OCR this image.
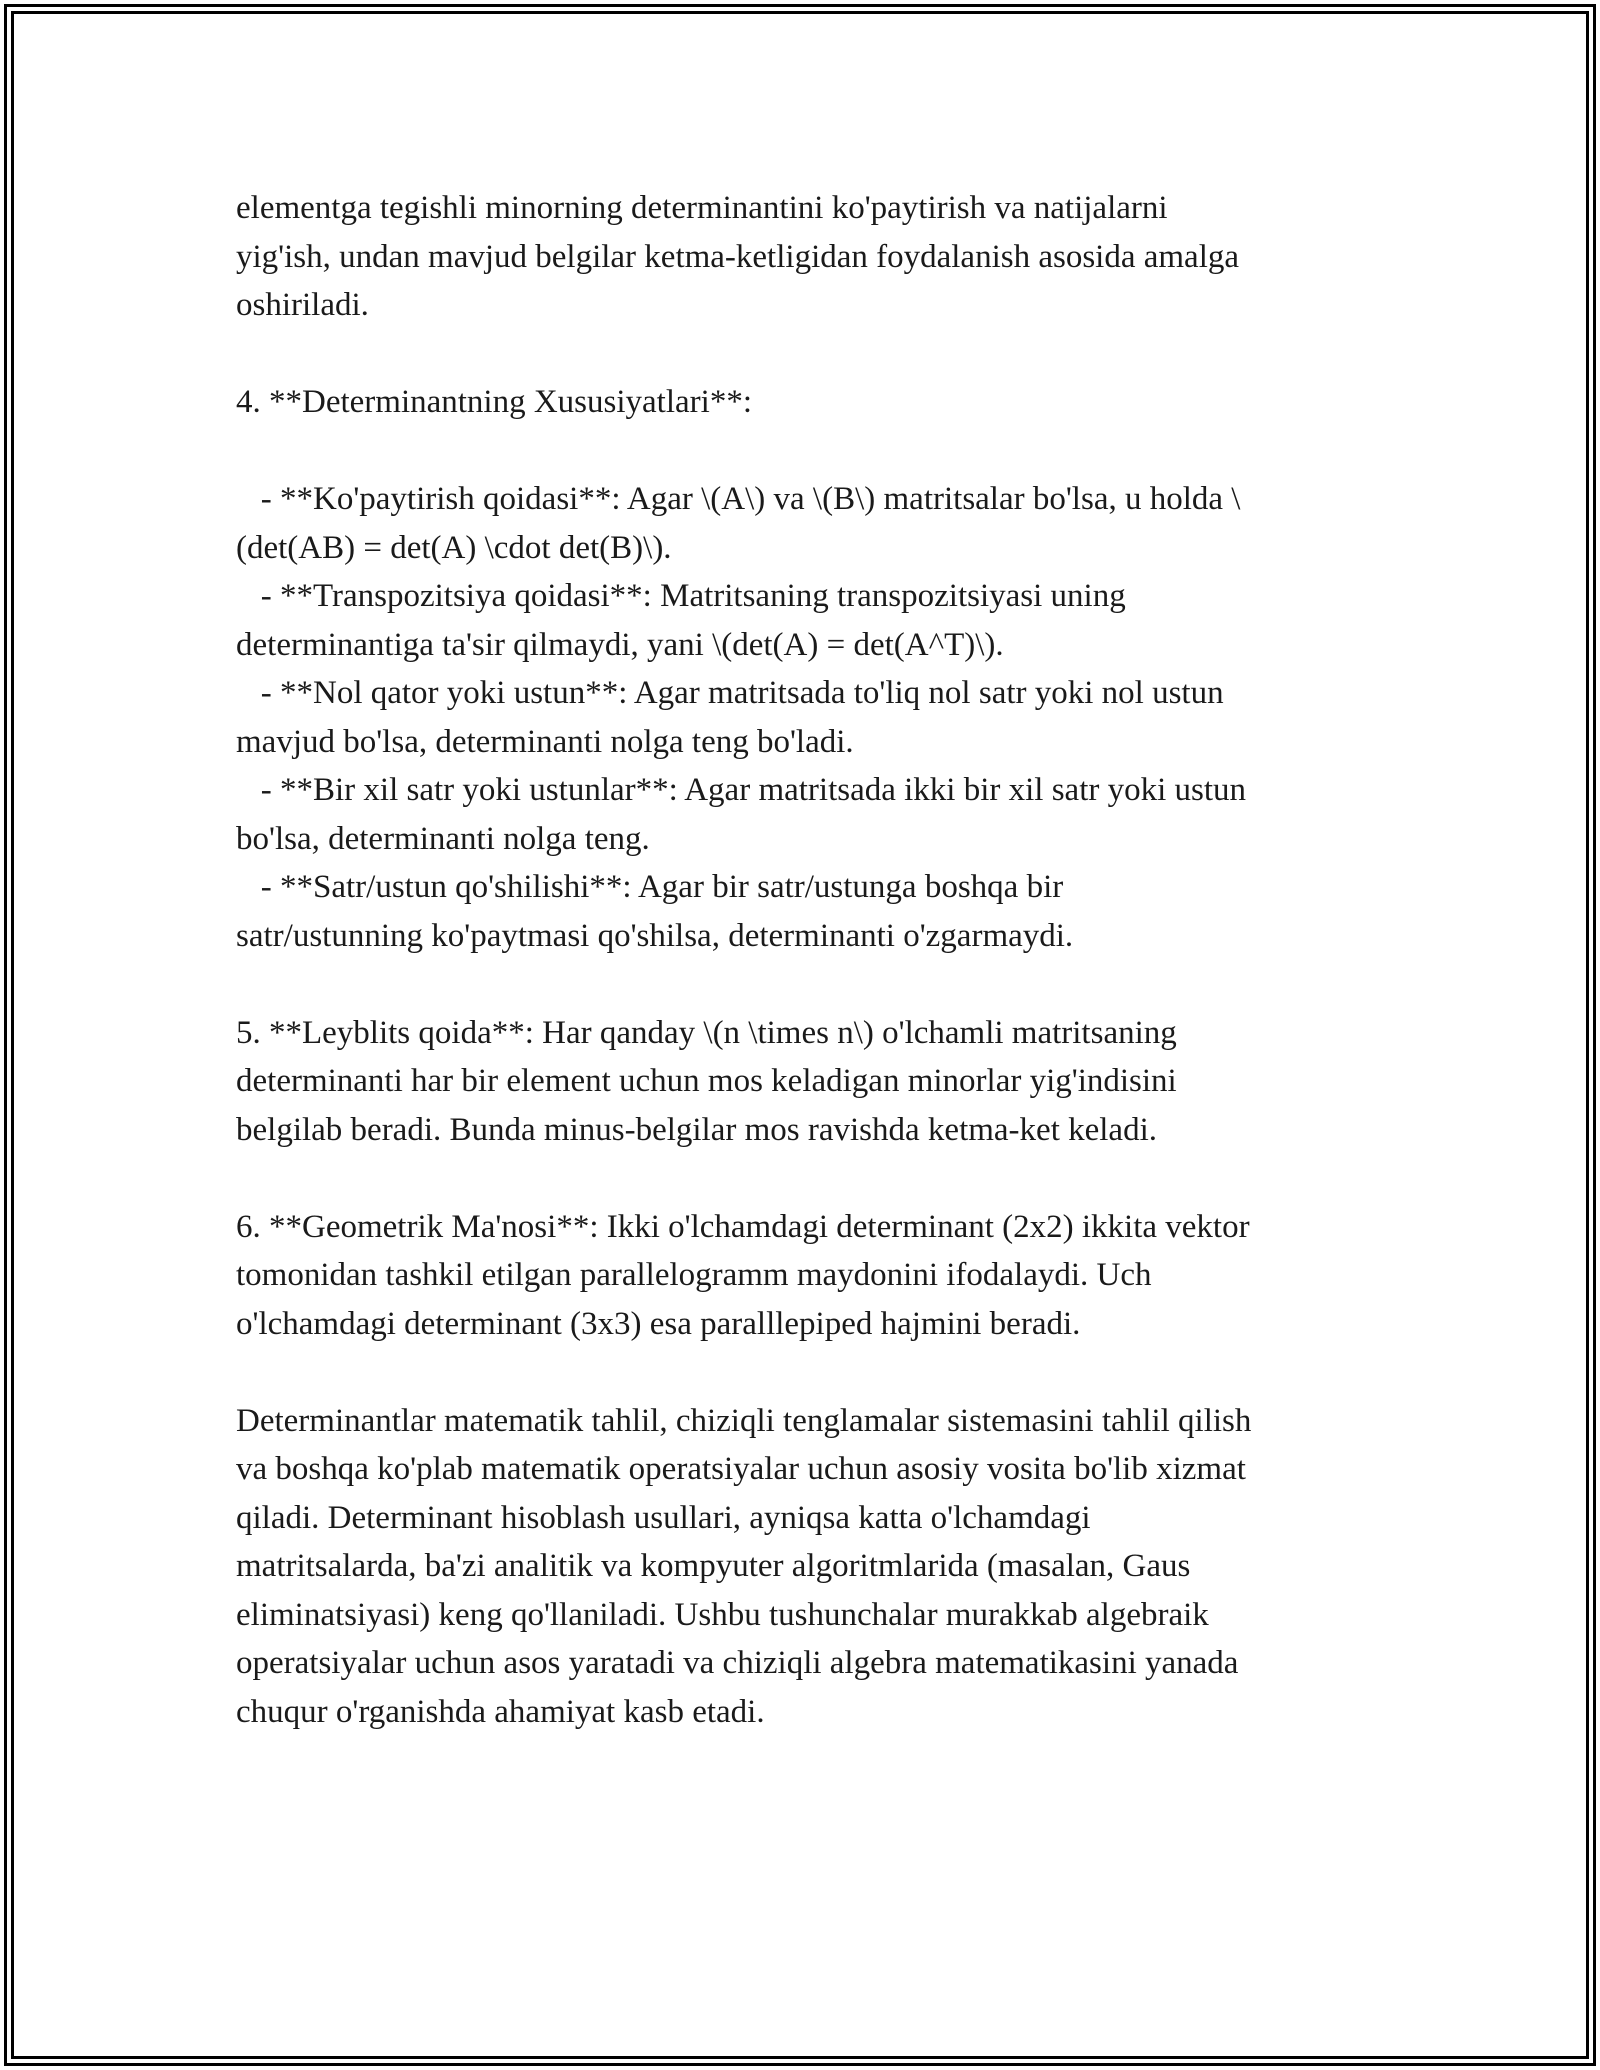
elementga tegishli minorning determinantini ko'paytirish va natijalarni
yig'ish, undan mavjud belgilar ketma-ketligidan foydalanish asosida amalga
oshiriladi.

4. **Determinantning Xususiyatlari**:

- **Ko'paytirish qoidasi**: Agar \(A\) va \(B\) matritsalar bo'lsa, u holda \
(det(AB) = det(A) \cdot det(B)\).

- **Transpozitsiya qoidasi**: Matritsaning transpozitsiyasi uning
determinantiga ta'sir qilmaydi, yani \(det(A) = det(A^T)\).

- **Nol qator yoki ustun**: Agar matritsada to'liq nol satr yoki nol ustun
mavjud bo'lsa, determinanti nolga teng bo'ladi.

- **Bir xil satr yoki ustunlar**: Agar matritsada ikki bir xil satr yoki ustun
bo'lsa, determinanti nolga teng.

- **Satr/ustun qo'shilishi**: Agar bir satr/ustunga boshqa bir
satr/ustunning ko'paytmasi qo'shilsa, determinanti o'zgarmaydi.

5. **Leyblits qoida**: Har qanday \(n \times n\) o'lchamli matritsaning
determinanti har bir element uchun mos keladigan minorlar yig'indisini
belgilab beradi. Bunda minus-belgilar mos ravishda ketma-ket keladi.

6. **Geometrik Ma'nosi**: Ikki o'lchamdagi determinant (2x2) ikkita vektor
tomonidan tashkil etilgan parallelogramm maydonini ifodalaydi. Uch
o'lchamdagi determinant (3x3) esa paralllepiped hajmini beradi.

Determinantlar matematik tahlil, chiziqli tenglamalar sistemasini tahlil qilish
va boshqa ko'plab matematik operatsiyalar uchun asosiy vosita bo'lib xizmat
qiladi. Determinant hisoblash usullari, ayniqsa katta o'lchamdagi
matritsalarda, ba'zi analitik va kompyuter algoritmlarida (masalan, Gaus
eliminatsiyasi) keng qo'llaniladi. Ushbu tushunchalar murakkab algebraik
operatsiyalar uchun asos yaratadi va chiziqli algebra matematikasini yanada
chuqur o'rganishda ahamiyat kasb etadi.
